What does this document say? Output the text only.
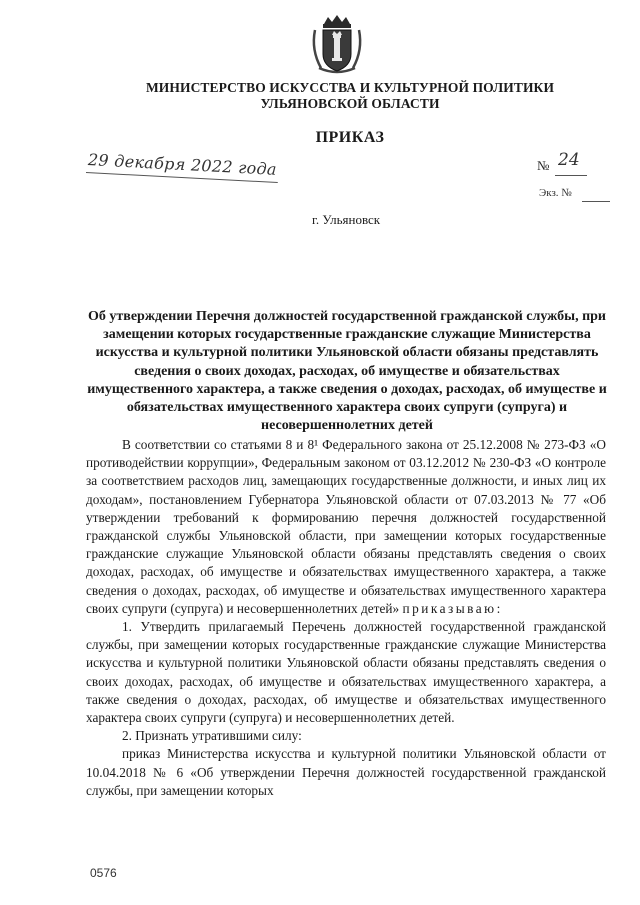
МИНИСТЕРСТВО ИСКУССТВА И КУЛЬТУРНОЙ ПОЛИТИКИ
УЛЬЯНОВСКОЙ ОБЛАСТИ
ПРИКАЗ
29 декабря 2022 года	№ 24
Экз. №
г. Ульяновск
Об утверждении Перечня должностей государственной гражданской службы, при замещении которых государственные гражданские служащие Министерства искусства и культурной политики Ульяновской области обязаны представлять сведения о своих доходах, расходах, об имуществе и обязательствах имущественного характера, а также сведения о доходах, расходах, об имуществе и обязательствах имущественного характера своих супруги (супруга) и несовершеннолетних детей

В соответствии со статьями 8 и 8¹ Федерального закона от 25.12.2008 № 273-ФЗ «О противодействии коррупции», Федеральным законом от 03.12.2012 № 230-ФЗ «О контроле за соответствием расходов лиц, замещающих государственные должности, и иных лиц их доходам», постановлением Губернатора Ульяновской области от 07.03.2013 № 77 «Об утверждении требований к формированию перечня должностей государственной гражданской службы Ульяновской области, при замещении которых государственные гражданские служащие Ульяновской области обязаны представлять сведения о своих доходах, расходах, об имуществе и обязательствах имущественного характера, а также сведения о доходах, расходах, об имуществе и обязательствах имущественного характера своих супруги (супруга) и несовершеннолетних детей» приказываю:

1. Утвердить прилагаемый Перечень должностей государственной гражданской службы, при замещении которых государственные гражданские служащие Министерства искусства и культурной политики Ульяновской области обязаны представлять сведения о своих доходах, расходах, об имуществе и обязательствах имущественного характера, а также сведения о доходах, расходах, об имуществе и обязательствах имущественного характера своих супруги (супруга) и несовершеннолетних детей.

2. Признать утратившими силу:

приказ Министерства искусства и культурной политики Ульяновской области от 10.04.2018 № 6 «Об утверждении Перечня должностей государственной гражданской службы, при замещении которых

0576
